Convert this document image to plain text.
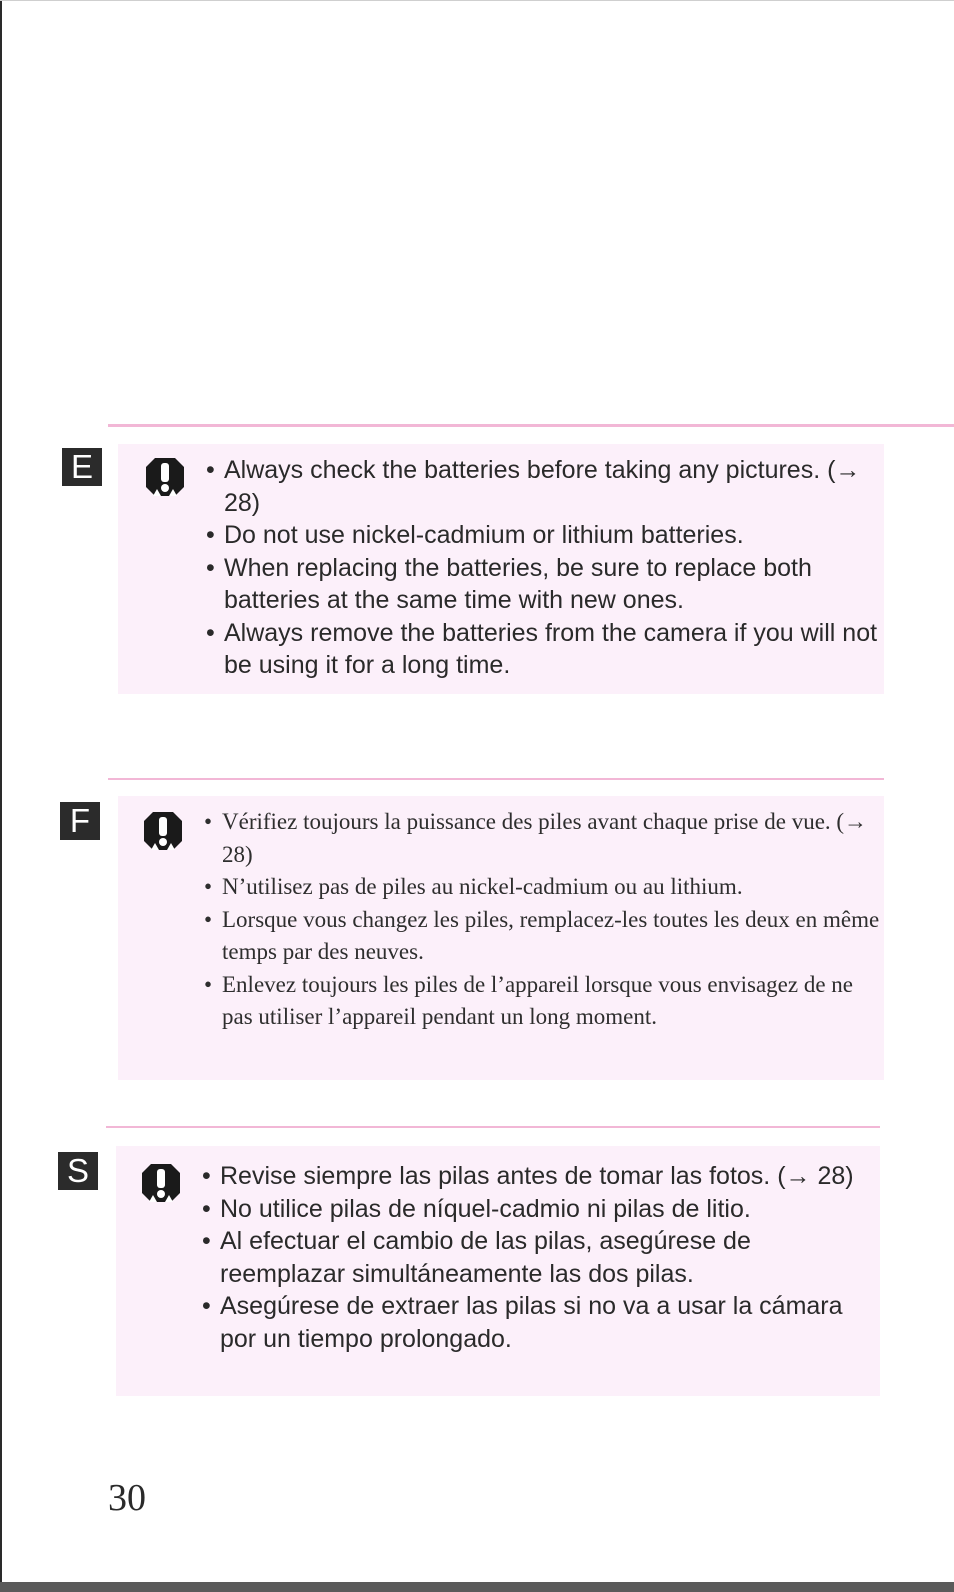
E	• Always check the batteries before taking any pictures. (→ 28)
• Do not use nickel-cadmium or lithium batteries.
• When replacing the batteries, be sure to replace both batteries at the same time with new ones.
• Always remove the batteries from the camera if you will not be using it for a long time.
F	• Vérifiez toujours la puissance des piles avant chaque prise de vue. (→ 28)
• N’utilisez pas de piles au nickel-cadmium ou au lithium.
• Lorsque vous changez les piles, remplacez-les toutes les deux en même temps par des neuves.
• Enlevez toujours les piles de l’appareil lorsque vous envisagez de ne pas utiliser l’appareil pendant un long moment.
S	• Revise siempre las pilas antes de tomar las fotos. (→ 28)
• No utilice pilas de níquel-cadmio ni pilas de litio.
• Al efectuar el cambio de las pilas, asegúrese de reemplazar simultáneamente las dos pilas.
• Asegúrese de extraer las pilas si no va a usar la cámara por un tiempo prolongado.
30
